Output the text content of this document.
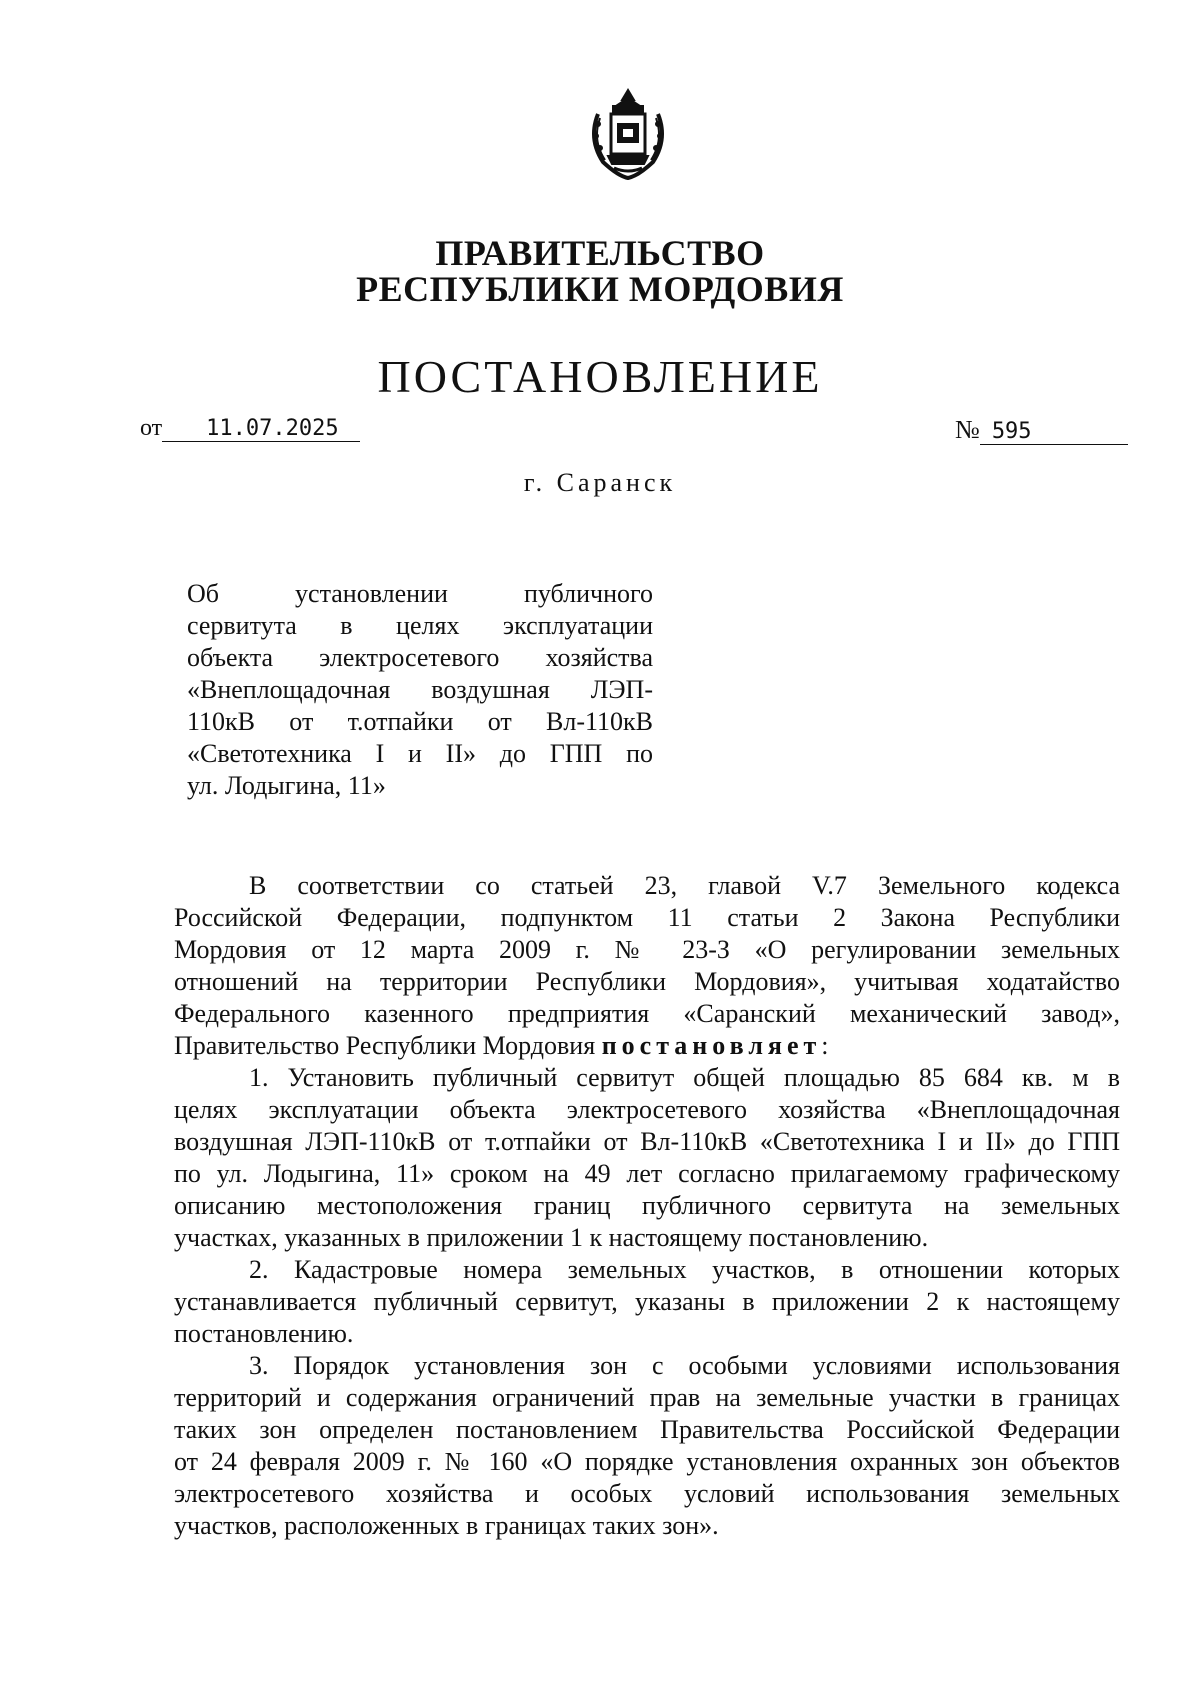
ПРАВИТЕЛЬСТВО
РЕСПУБЛИКИ МОРДОВИЯ
ПОСТАНОВЛЕНИЕ
от 11.07.2025	№ 595
г. Саранск
Об установлении публичного
сервитута в целях эксплуатации
объекта электросетевого хозяйства
«Внеплощадочная воздушная ЛЭП-
110кВ от т.отпайки от Вл-110кВ
«Светотехника I и II» до ГПП по
ул. Лодыгина, 11»
В соответствии со статьей 23, главой V.7 Земельного кодекса
Российской Федерации, подпунктом 11 статьи 2 Закона Республики
Мордовия от 12 марта 2009 г. № 23-З «О регулировании земельных
отношений на территории Республики Мордовия», учитывая ходатайство
Федерального казенного предприятия «Саранский механический завод»,
Правительство Республики Мордовия постановляет:
1. Установить публичный сервитут общей площадью 85 684 кв. м в
целях эксплуатации объекта электросетевого хозяйства «Внеплощадочная
воздушная ЛЭП-110кВ от т.отпайки от Вл-110кВ «Светотехника I и II» до ГПП
по ул. Лодыгина, 11» сроком на 49 лет согласно прилагаемому графическому
описанию местоположения границ публичного сервитута на земельных
участках, указанных в приложении 1 к настоящему постановлению.
2. Кадастровые номера земельных участков, в отношении которых
устанавливается публичный сервитут, указаны в приложении 2 к настоящему
постановлению.
3. Порядок установления зон с особыми условиями использования
территорий и содержания ограничений прав на земельные участки в границах
таких зон определен постановлением Правительства Российской Федерации
от 24 февраля 2009 г. № 160 «О порядке установления охранных зон объектов
электросетевого хозяйства и особых условий использования земельных
участков, расположенных в границах таких зон».
